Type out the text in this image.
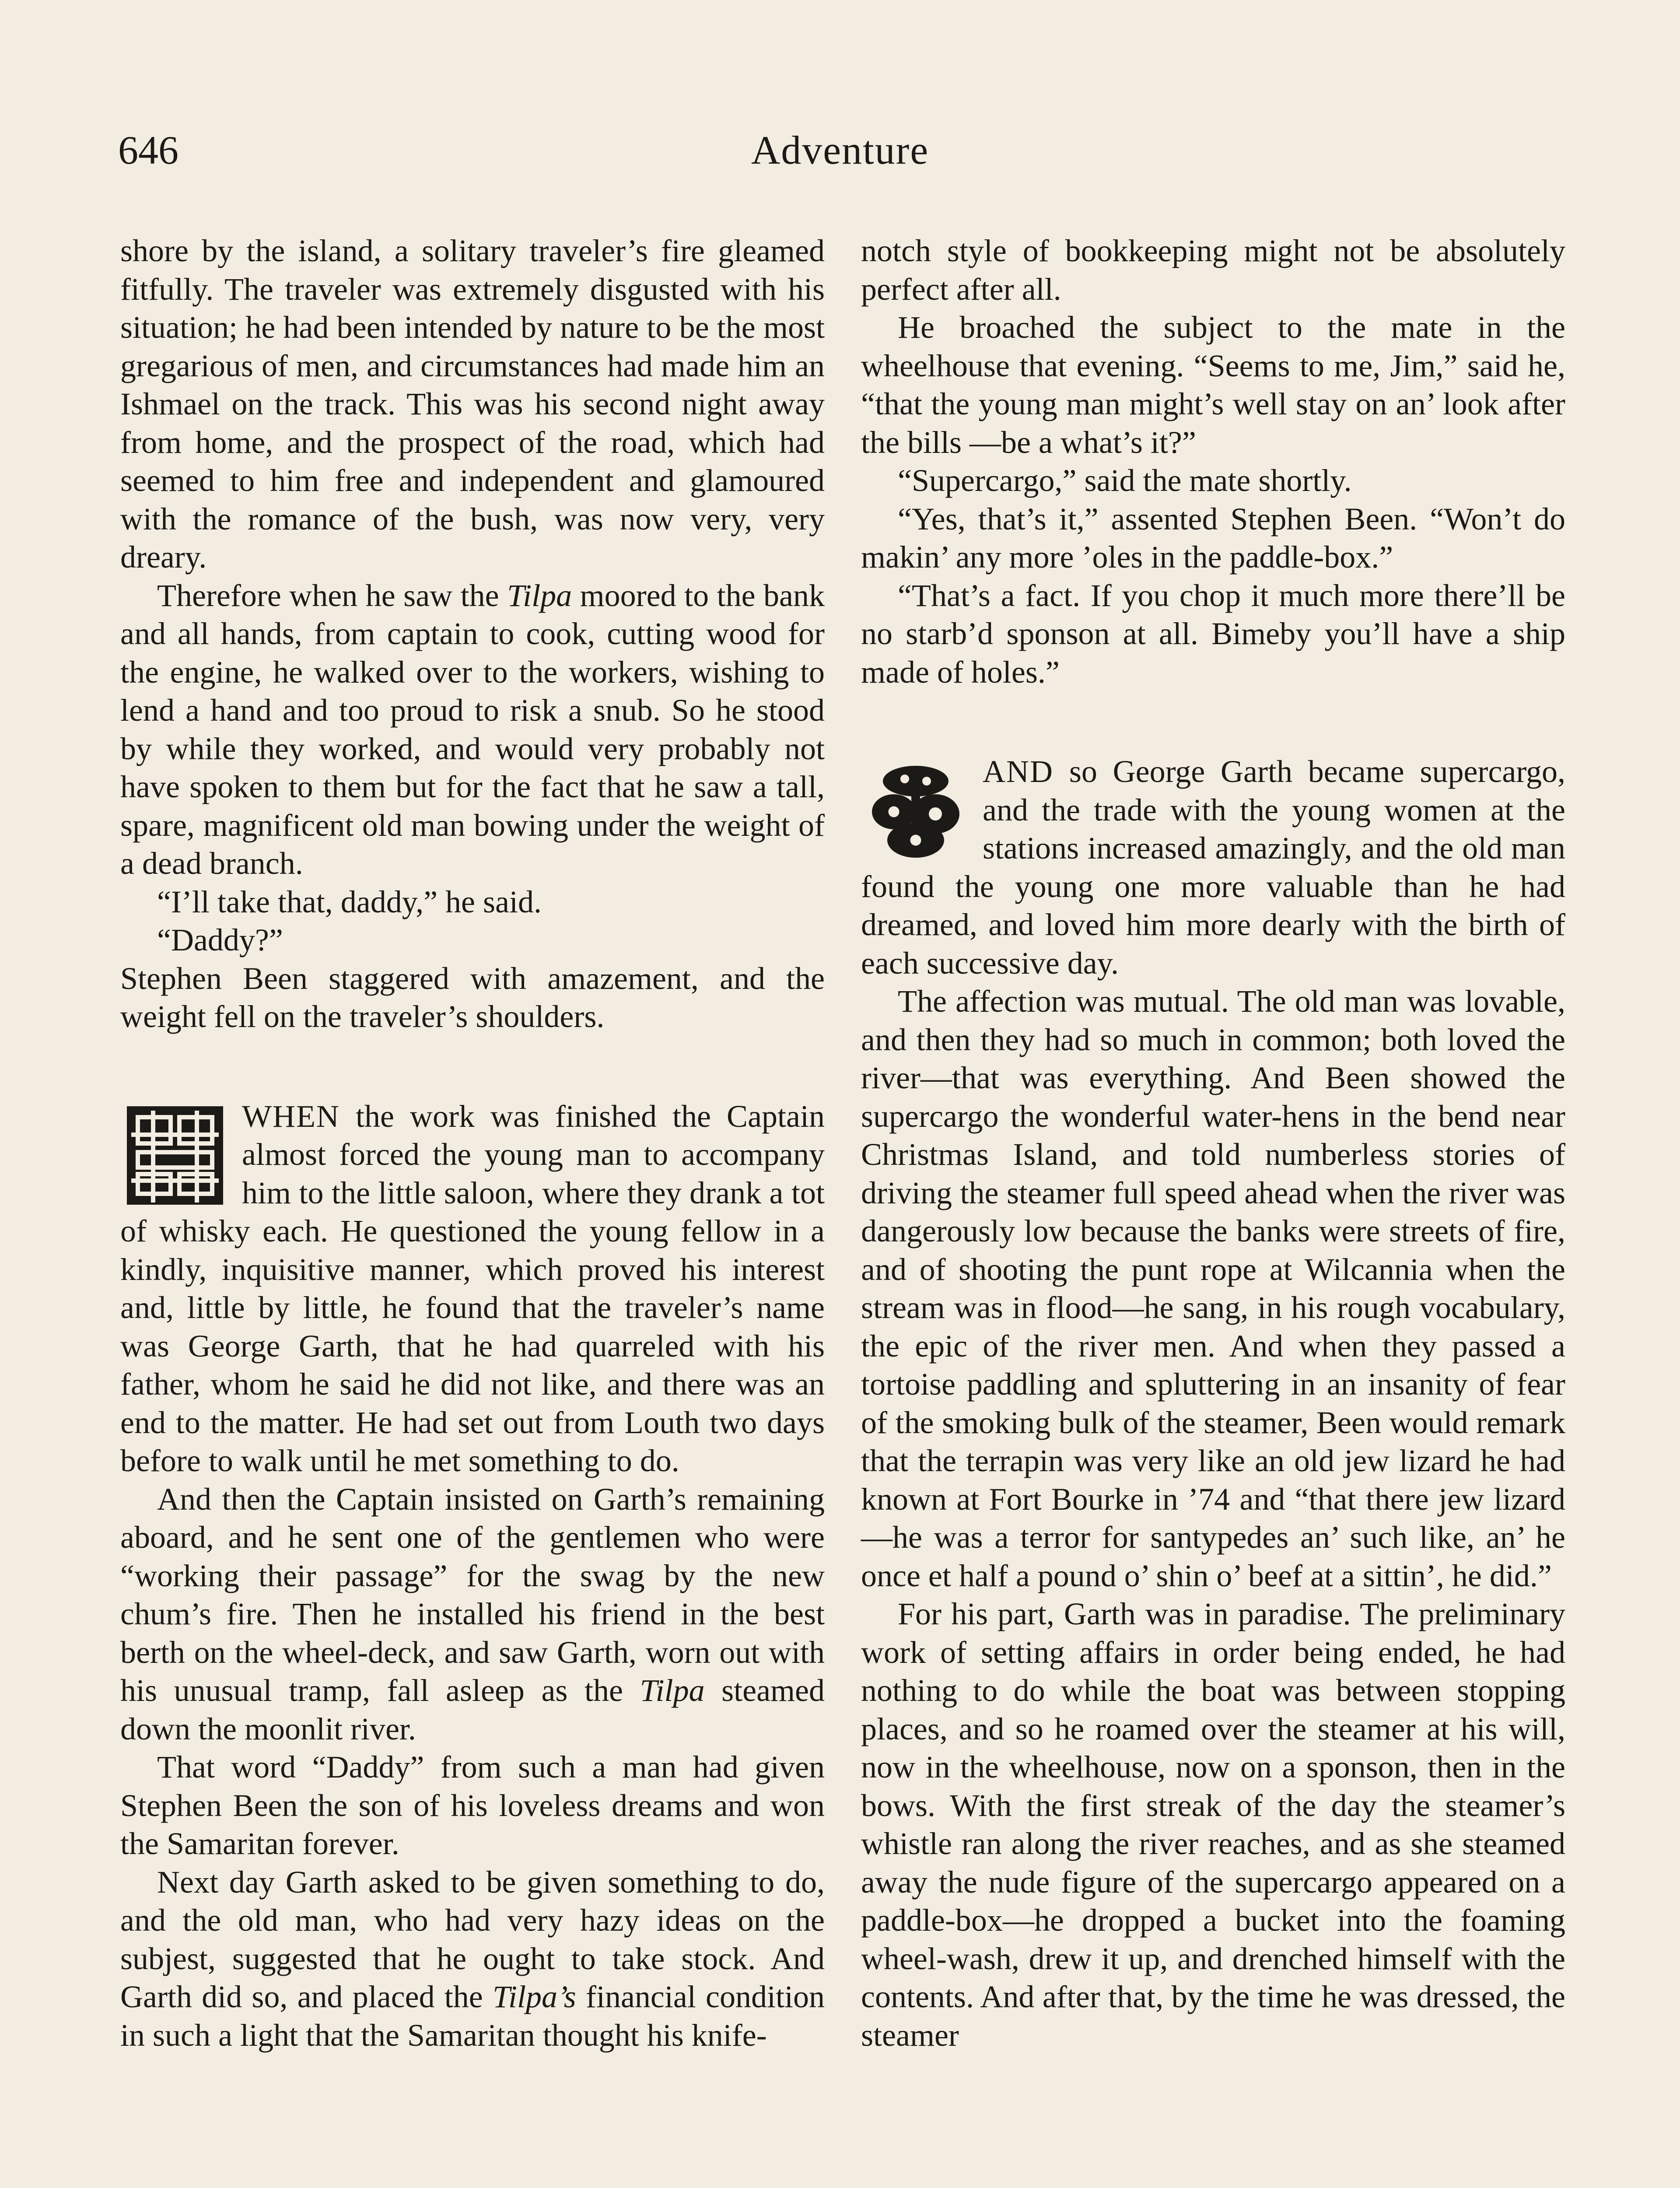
646	Adventure

shore by the island, a solitary traveler’s fire gleamed fitfully. The traveler was extremely disgusted with his situation; he had been intended by nature to be the most gregarious of men, and circumstances had made him an Ishmael on the track. This was his second night away from home, and the prospect of the road, which had seemed to him free and independent and glamoured with the romance of the bush, was now very, very dreary.

Therefore when he saw the Tilpa moored to the bank and all hands, from captain to cook, cutting wood for the engine, he walked over to the workers, wishing to lend a hand and too proud to risk a snub. So he stood by while they worked, and would very probably not have spoken to them but for the fact that he saw a tall, spare, magnificent old man bowing under the weight of a dead branch.

“I’ll take that, daddy,” he said.

“Daddy?”

Stephen Been staggered with amazement, and the weight fell on the traveler’s shoulders.

WHEN the work was finished the Captain almost forced the young man to accompany him to the little saloon, where they drank a tot of whisky each. He questioned the young fellow in a kindly, inquisitive manner, which proved his interest and, little by little, he found that the traveler’s name was George Garth, that he had quarreled with his father, whom he said he did not like, and there was an end to the matter. He had set out from Louth two days before to walk until he met something to do.

And then the Captain insisted on Garth’s remaining aboard, and he sent one of the gentlemen who were “working their passage” for the swag by the new chum’s fire. Then he installed his friend in the best berth on the wheel-deck, and saw Garth, worn out with his unusual tramp, fall asleep as the Tilpa steamed down the moonlit river.

That word “Daddy” from such a man had given Stephen Been the son of his loveless dreams and won the Samaritan forever.

Next day Garth asked to be given something to do, and the old man, who had very hazy ideas on the subjest, suggested that he ought to take stock. And Garth did so, and placed the Tilpa’s financial condition in such a light that the Samaritan thought his knife-

notch style of bookkeeping might not be absolutely perfect after all.

He broached the subject to the mate in the wheelhouse that evening. “Seems to me, Jim,” said he, “that the young man might’s well stay on an’ look after the bills —be a what’s it?”

“Supercargo,” said the mate shortly.

“Yes, that’s it,” assented Stephen Been. “Won’t do makin’ any more ’oles in the paddle-box.”

“That’s a fact. If you chop it much more there’ll be no starb’d sponson at all. Bimeby you’ll have a ship made of holes.”

AND so George Garth became supercargo, and the trade with the young women at the stations increased amazingly, and the old man found the young one more valuable than he had dreamed, and loved him more dearly with the birth of each successive day.

The affection was mutual. The old man was lovable, and then they had so much in common; both loved the river—that was everything. And Been showed the supercargo the wonderful water-hens in the bend near Christmas Island, and told numberless stories of driving the steamer full speed ahead when the river was dangerously low because the banks were streets of fire, and of shooting the punt rope at Wilcannia when the stream was in flood—he sang, in his rough vocabulary, the epic of the river men. And when they passed a tortoise paddling and spluttering in an insanity of fear of the smoking bulk of the steamer, Been would remark that the terrapin was very like an old jew lizard he had known at Fort Bourke in ’74 and “that there jew lizard—he was a terror for santypedes an’ such like, an’ he once et half a pound o’ shin o’ beef at a sittin’, he did.”

For his part, Garth was in paradise. The preliminary work of setting affairs in order being ended, he had nothing to do while the boat was between stopping places, and so he roamed over the steamer at his will, now in the wheelhouse, now on a sponson, then in the bows. With the first streak of the day the steamer’s whistle ran along the river reaches, and as she steamed away the nude figure of the supercargo appeared on a paddle-box—he dropped a bucket into the foaming wheel-wash, drew it up, and drenched himself with the contents. And after that, by the time he was dressed, the steamer
